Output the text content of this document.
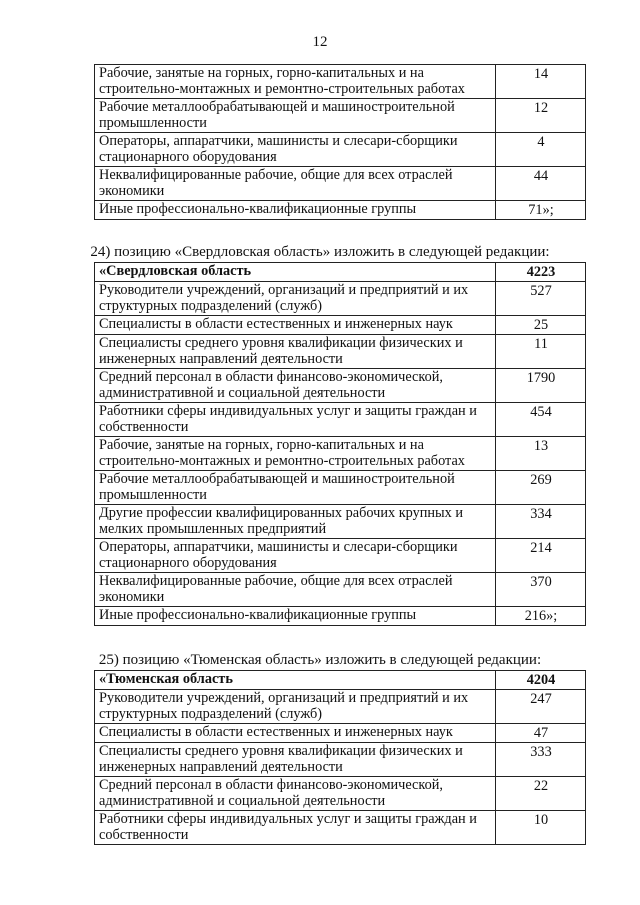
12
Рабочие, занятые на горных, горно-капитальных и на строительно-монтажных и ремонтно-строительных работах	14
Рабочие металлообрабатывающей и машиностроительной промышленности	12
Операторы, аппаратчики, машинисты и слесари-сборщики стационарного оборудования	4
Неквалифицированные рабочие, общие для всех отраслей экономики	44
Иные профессионально-квалификационные группы	71»;
24) позицию «Свердловская область» изложить в следующей редакции:
«Свердловская область	4223
Руководители учреждений, организаций и предприятий и их структурных подразделений (служб)	527
Специалисты в области естественных и инженерных наук	25
Специалисты среднего уровня квалификации физических и инженерных направлений деятельности	11
Средний персонал в области финансово-экономической, административной и социальной деятельности	1790
Работники сферы индивидуальных услуг и защиты граждан и собственности	454
Рабочие, занятые на горных, горно-капитальных и на строительно-монтажных и ремонтно-строительных работах	13
Рабочие металлообрабатывающей и машиностроительной промышленности	269
Другие профессии квалифицированных рабочих крупных и мелких промышленных предприятий	334
Операторы, аппаратчики, машинисты и слесари-сборщики стационарного оборудования	214
Неквалифицированные рабочие, общие для всех отраслей экономики	370
Иные профессионально-квалификационные группы	216»;
25) позицию «Тюменская область» изложить в следующей редакции:
«Тюменская область	4204
Руководители учреждений, организаций и предприятий и их структурных подразделений (служб)	247
Специалисты в области естественных и инженерных наук	47
Специалисты среднего уровня квалификации физических и инженерных направлений деятельности	333
Средний персонал в области финансово-экономической, административной и социальной деятельности	22
Работники сферы индивидуальных услуг и защиты граждан и собственности	10
